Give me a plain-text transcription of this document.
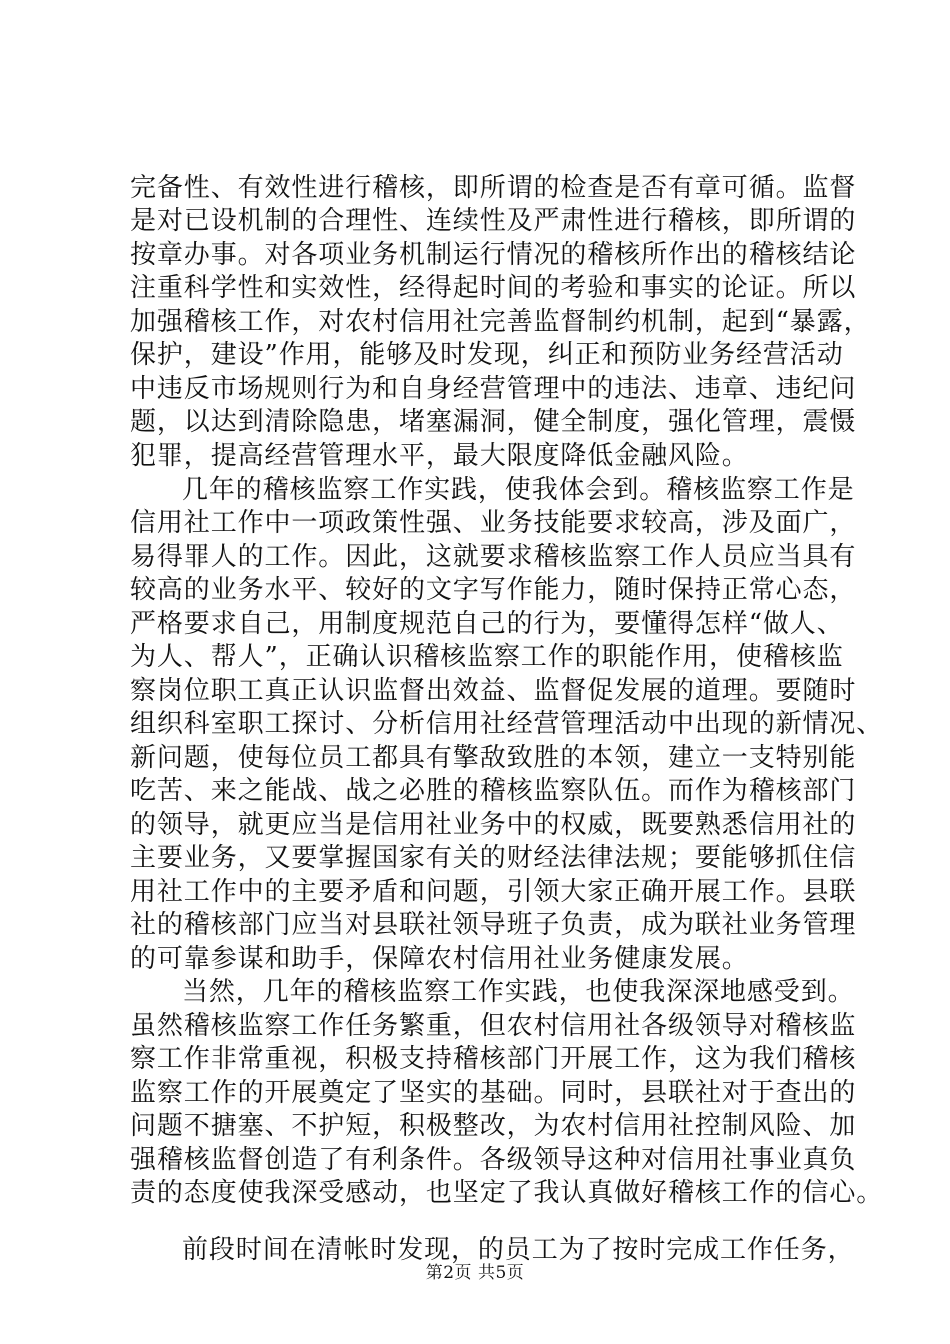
完备性、有效性进行稽核，即所谓的检查是否有章可循。监督
是对已设机制的合理性、连续性及严肃性进行稽核，即所谓的
按章办事。对各项业务机制运行情况的稽核所作出的稽核结论
注重科学性和实效性，经得起时间的考验和事实的论证。所以
加强稽核工作，对农村信用社完善监督制约机制，起到“暴露，
保护，建设”作用，能够及时发现，纠正和预防业务经营活动
中违反市场规则行为和自身经营管理中的违法、违章、违纪问
题，以达到清除隐患，堵塞漏洞，健全制度，强化管理，震慑
犯罪，提高经营管理水平，最大限度降低金融风险。
几年的稽核监察工作实践，使我体会到。稽核监察工作是
信用社工作中一项政策性强、业务技能要求较高，涉及面广，
易得罪人的工作。因此，这就要求稽核监察工作人员应当具有
较高的业务水平、较好的文字写作能力，随时保持正常心态，
严格要求自己，用制度规范自己的行为，要懂得怎样“做人、
为人、帮人”，正确认识稽核监察工作的职能作用，使稽核监
察岗位职工真正认识监督出效益、监督促发展的道理。要随时
组织科室职工探讨、分析信用社经营管理活动中出现的新情况、
新问题，使每位员工都具有擎敌致胜的本领，建立一支特别能
吃苦、来之能战、战之必胜的稽核监察队伍。而作为稽核部门
的领导，就更应当是信用社业务中的权威，既要熟悉信用社的
主要业务，又要掌握国家有关的财经法律法规；要能够抓住信
用社工作中的主要矛盾和问题，引领大家正确开展工作。县联
社的稽核部门应当对县联社领导班子负责，成为联社业务管理
的可靠参谋和助手，保障农村信用社业务健康发展。
当然，几年的稽核监察工作实践，也使我深深地感受到。
虽然稽核监察工作任务繁重，但农村信用社各级领导对稽核监
察工作非常重视，积极支持稽核部门开展工作，这为我们稽核
监察工作的开展奠定了坚实的基础。同时，县联社对于查出的
问题不搪塞、不护短，积极整改，为农村信用社控制风险、加
强稽核监督创造了有利条件。各级领导这种对信用社事业真负
责的态度使我深受感动，也坚定了我认真做好稽核工作的信心。
前段时间在清帐时发现，的员工为了按时完成工作任务，
第2页 共5页
